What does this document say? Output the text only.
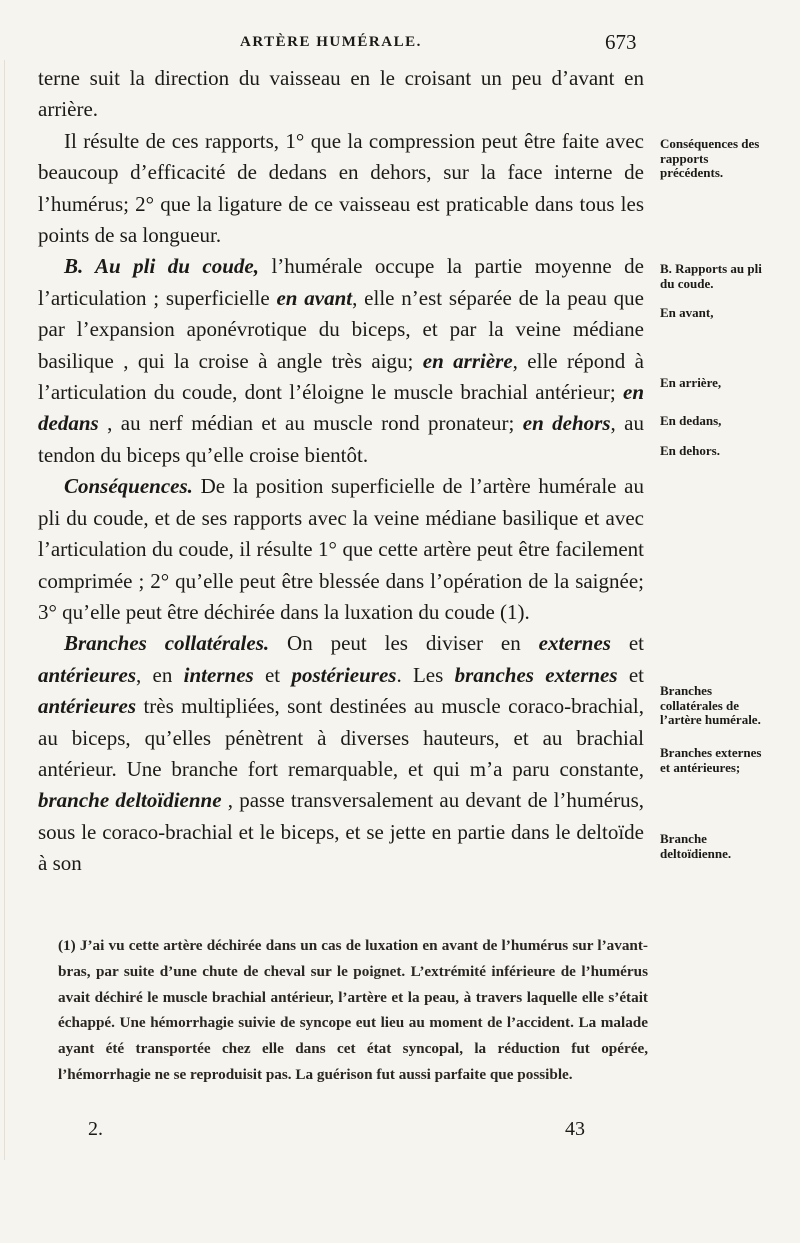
ARTÈRE HUMÉRALE.	673

terne suit la direction du vaisseau en le croisant un peu d’avant en arrière.

Il résulte de ces rapports, 1° que la compression peut être faite avec beaucoup d’efficacité de dedans en dehors, sur la face interne de l’humérus; 2° que la ligature de ce vaisseau est praticable dans tous les points de sa longueur.

B. Au pli du coude, l’humérale occupe la partie moyenne de l’articulation ; superficielle en avant, elle n’est séparée de la peau que par l’expansion aponévrotique du biceps, et par la veine médiane basilique , qui la croise à angle très aigu; en arrière, elle répond à l’articulation du coude, dont l’éloigne le muscle brachial antérieur; en dedans , au nerf médian et au muscle rond pronateur; en dehors, au tendon du biceps qu’elle croise bientôt.

Conséquences. De la position superficielle de l’artère humérale au pli du coude, et de ses rapports avec la veine médiane basilique et avec l’articulation du coude, il résulte 1° que cette artère peut être facilement comprimée ; 2° qu’elle peut être blessée dans l’opération de la saignée; 3° qu’elle peut être déchirée dans la luxation du coude (1).

Branches collatérales. On peut les diviser en externes et antérieures, en internes et postérieures. Les branches externes et antérieures très multipliées, sont destinées au muscle coraco-brachial, au biceps, qu’elles pénètrent à diverses hauteurs, et au brachial antérieur. Une branche fort remarquable, et qui m’a paru constante, branche deltoïdienne , passe transversalement au devant de l’humérus, sous le coraco-brachial et le biceps, et se jette en partie dans le deltoïde à son

Conséquences des rapports précédents.
B. Rapports au pli du coude.
En avant,
En arrière,
En dedans,
En dehors.
Branches collatérales de l’artère humérale.
Branches externes et antérieures;
Branche deltoïdienne.

(1) J’ai vu cette artère déchirée dans un cas de luxation en avant de l’humérus sur l’avant-bras, par suite d’une chute de cheval sur le poignet. L’extrémité inférieure de l’humérus avait déchiré le muscle brachial antérieur, l’artère et la peau, à travers laquelle elle s’était échappé. Une hémorrhagie suivie de syncope eut lieu au moment de l’accident. La malade ayant été transportée chez elle dans cet état syncopal, la réduction fut opérée, l’hémorrhagie ne se reproduisit pas. La guérison fut aussi parfaite que possible.

2.	43
